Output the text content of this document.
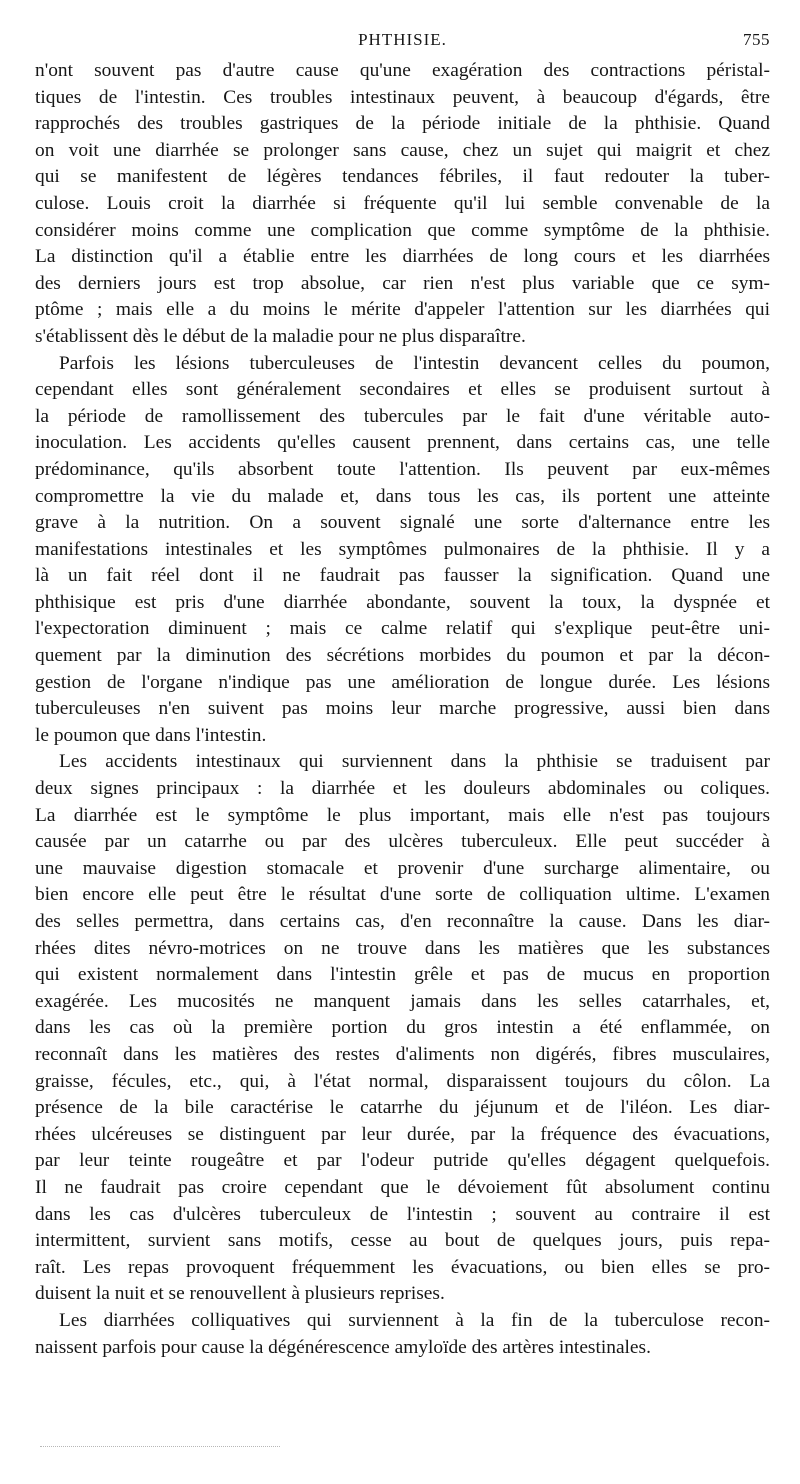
PHTHISIE.	755
n'ont souvent pas d'autre cause qu'une exagération des contractions péristal-
tiques de l'intestin. Ces troubles intestinaux peuvent, à beaucoup d'égards, être
rapprochés des troubles gastriques de la période initiale de la phthisie. Quand
on voit une diarrhée se prolonger sans cause, chez un sujet qui maigrit et chez
qui se manifestent de légères tendances fébriles, il faut redouter la tuber-
culose. Louis croit la diarrhée si fréquente qu'il lui semble convenable de la
considérer moins comme une complication que comme symptôme de la phthisie.
La distinction qu'il a établie entre les diarrhées de long cours et les diarrhées
des derniers jours est trop absolue, car rien n'est plus variable que ce sym-
ptôme ; mais elle a du moins le mérite d'appeler l'attention sur les diarrhées qui
s'établissent dès le début de la maladie pour ne plus disparaître.
Parfois les lésions tuberculeuses de l'intestin devancent celles du poumon,
cependant elles sont généralement secondaires et elles se produisent surtout à
la période de ramollissement des tubercules par le fait d'une véritable auto-
inoculation. Les accidents qu'elles causent prennent, dans certains cas, une telle
prédominance, qu'ils absorbent toute l'attention. Ils peuvent par eux-mêmes
compromettre la vie du malade et, dans tous les cas, ils portent une atteinte
grave à la nutrition. On a souvent signalé une sorte d'alternance entre les
manifestations intestinales et les symptômes pulmonaires de la phthisie. Il y a
là un fait réel dont il ne faudrait pas fausser la signification. Quand une
phthisique est pris d'une diarrhée abondante, souvent la toux, la dyspnée et
l'expectoration diminuent ; mais ce calme relatif qui s'explique peut-être uni-
quement par la diminution des sécrétions morbides du poumon et par la décon-
gestion de l'organe n'indique pas une amélioration de longue durée. Les lésions
tuberculeuses n'en suivent pas moins leur marche progressive, aussi bien dans
le poumon que dans l'intestin.
Les accidents intestinaux qui surviennent dans la phthisie se traduisent par
deux signes principaux : la diarrhée et les douleurs abdominales ou coliques.
La diarrhée est le symptôme le plus important, mais elle n'est pas toujours
causée par un catarrhe ou par des ulcères tuberculeux. Elle peut succéder à
une mauvaise digestion stomacale et provenir d'une surcharge alimentaire, ou
bien encore elle peut être le résultat d'une sorte de colliquation ultime. L'examen
des selles permettra, dans certains cas, d'en reconnaître la cause. Dans les diar-
rhées dites névro-motrices on ne trouve dans les matières que les substances
qui existent normalement dans l'intestin grêle et pas de mucus en proportion
exagérée. Les mucosités ne manquent jamais dans les selles catarrhales, et,
dans les cas où la première portion du gros intestin a été enflammée, on
reconnaît dans les matières des restes d'aliments non digérés, fibres musculaires,
graisse, fécules, etc., qui, à l'état normal, disparaissent toujours du côlon. La
présence de la bile caractérise le catarrhe du jéjunum et de l'iléon. Les diar-
rhées ulcéreuses se distinguent par leur durée, par la fréquence des évacuations,
par leur teinte rougeâtre et par l'odeur putride qu'elles dégagent quelquefois.
Il ne faudrait pas croire cependant que le dévoiement fût absolument continu
dans les cas d'ulcères tuberculeux de l'intestin ; souvent au contraire il est
intermittent, survient sans motifs, cesse au bout de quelques jours, puis repa-
raît. Les repas provoquent fréquemment les évacuations, ou bien elles se pro-
duisent la nuit et se renouvellent à plusieurs reprises.
Les diarrhées colliquatives qui surviennent à la fin de la tuberculose recon-
naissent parfois pour cause la dégénérescence amyloïde des artères intestinales.
